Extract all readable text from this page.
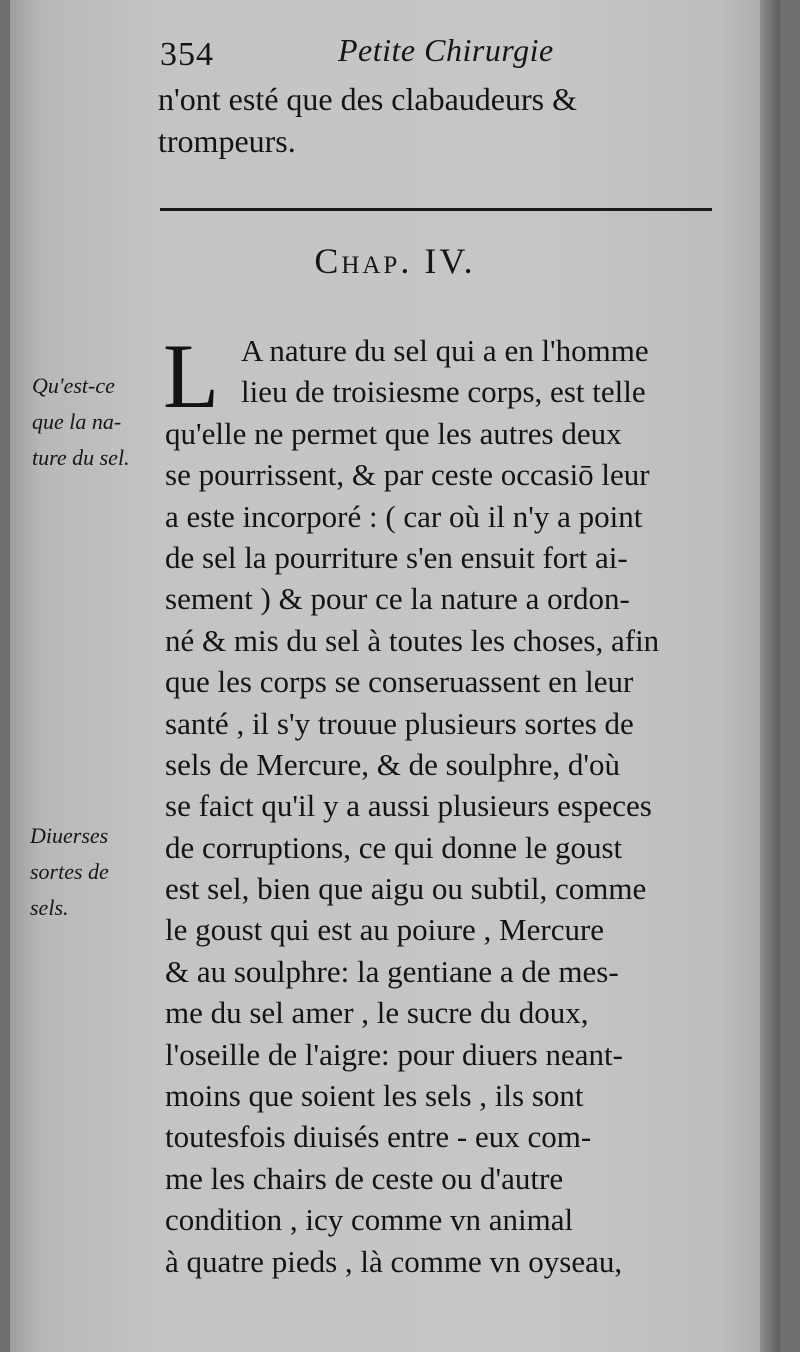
354	Petite Chirurgie
n'ont esté que des clabaudeurs &
trompeurs.
Chap. IV.
L A nature du sel qui a en l'homme
lieu de troisiesme corps, est telle
qu'elle ne permet que les autres deux
se pourrissent, & par ceste occasiō leur
a este incorporé : ( car où il n'y a point
de sel la pourriture s'en ensuit fort ai-
sement ) & pour ce la nature a ordon-
né & mis du sel à toutes les choses, afin
que les corps se conseruassent en leur
santé , il s'y trouue plusieurs sortes de
sels de Mercure, & de soulphre, d'où
se faict qu'il y a aussi plusieurs especes
de corruptions, ce qui donne le goust
est sel, bien que aigu ou subtil, comme
le goust qui est au poiure , Mercure
& au soulphre: la gentiane a de mes-
me du sel amer , le sucre du doux,
l'oseille de l'aigre: pour diuers neant-
moins que soient les sels , ils sont
toutesfois diuisés entre - eux com-
me les chairs de ceste ou d'autre
condition , icy comme vn animal
à quatre pieds , là comme vn oyseau,
Qu'est-ce
que la na-
ture du sel.
Diuerses
sortes de
sels.
